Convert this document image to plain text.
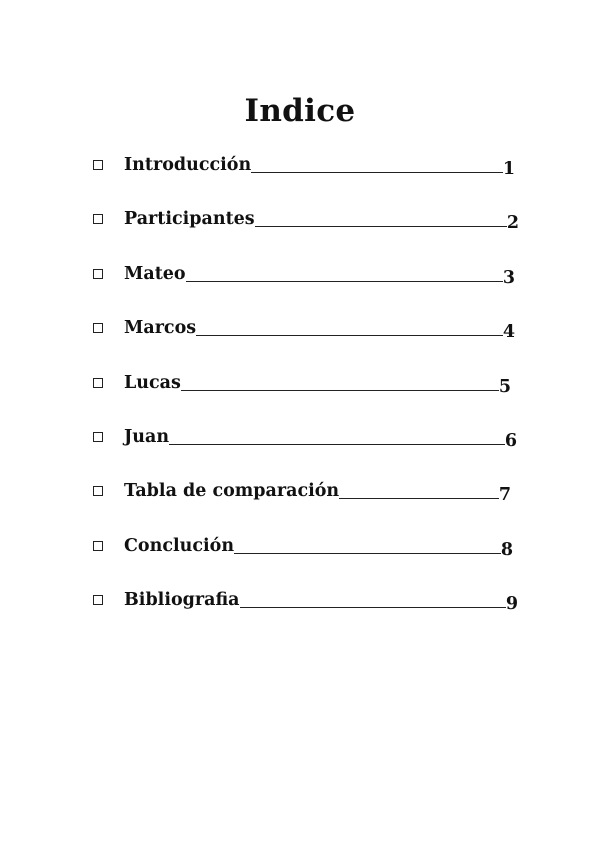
Indice
Introducción	1
Participantes	2
Mateo	3
Marcos	4
Lucas	5
Juan	6
Tabla de comparación	7
Conclución	8
Bibliografia	9
